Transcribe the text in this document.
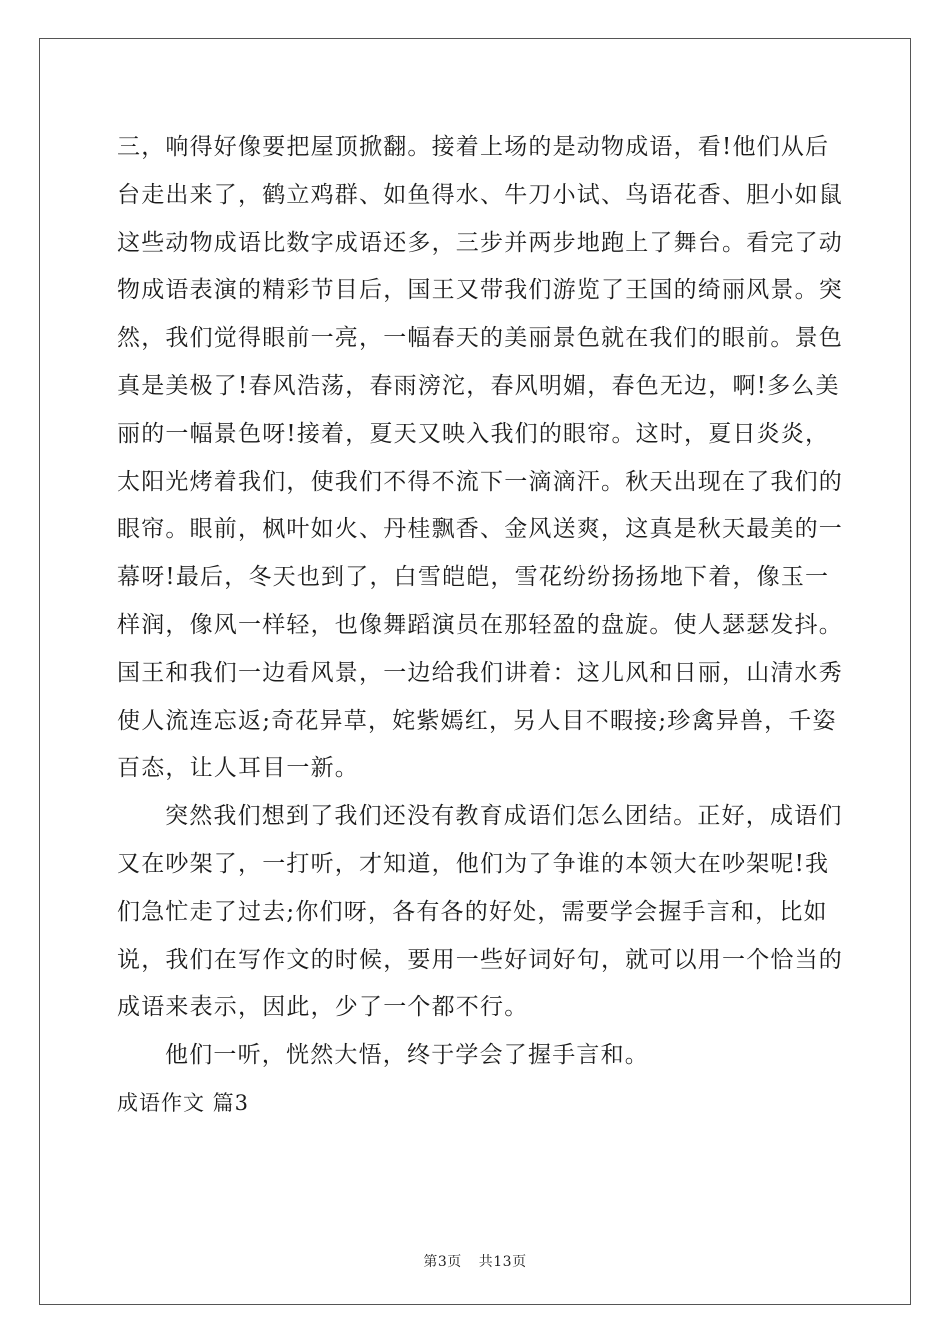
三，响得好像要把屋顶掀翻。接着上场的是动物成语，看!他们从后
台走出来了，鹤立鸡群、如鱼得水、牛刀小试、鸟语花香、胆小如鼠
这些动物成语比数字成语还多，三步并两步地跑上了舞台。看完了动
物成语表演的精彩节目后，国王又带我们游览了王国的绮丽风景。突
然，我们觉得眼前一亮，一幅春天的美丽景色就在我们的眼前。景色
真是美极了!春风浩荡，春雨滂沱，春风明媚，春色无边，啊!多么美
丽的一幅景色呀!接着，夏天又映入我们的眼帘。这时，夏日炎炎，
太阳光烤着我们，使我们不得不流下一滴滴汗。秋天出现在了我们的
眼帘。眼前，枫叶如火、丹桂飘香、金风送爽，这真是秋天最美的一
幕呀!最后，冬天也到了，白雪皑皑，雪花纷纷扬扬地下着，像玉一
样润，像风一样轻，也像舞蹈演员在那轻盈的盘旋。使人瑟瑟发抖。
国王和我们一边看风景，一边给我们讲着：这儿风和日丽，山清水秀
使人流连忘返;奇花异草，姹紫嫣红，另人目不暇接;珍禽异兽，千姿
百态，让人耳目一新。
突然我们想到了我们还没有教育成语们怎么团结。正好，成语们
又在吵架了，一打听，才知道，他们为了争谁的本领大在吵架呢!我
们急忙走了过去;你们呀，各有各的好处，需要学会握手言和，比如
说，我们在写作文的时候，要用一些好词好句，就可以用一个恰当的
成语来表示，因此，少了一个都不行。
他们一听，恍然大悟，终于学会了握手言和。
成语作文 篇3
第3页 共13页
